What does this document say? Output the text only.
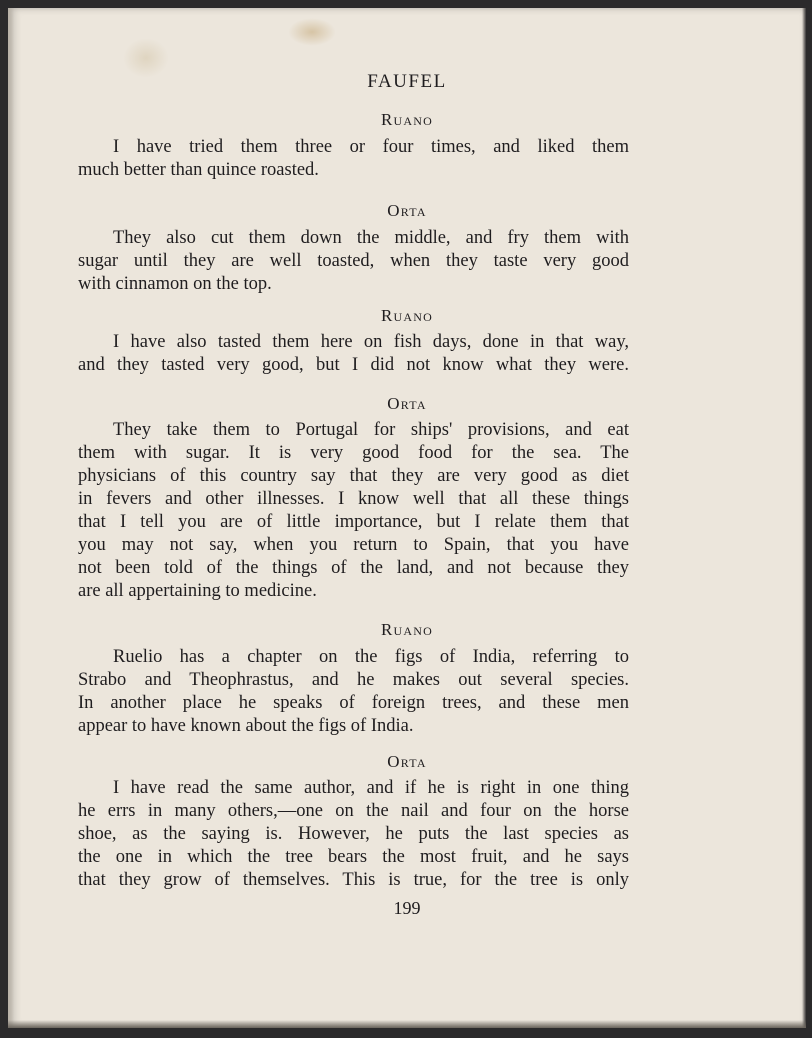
FAUFEL
Ruano
I have tried them three or four times, and liked them
much better than quince roasted.
Orta
They also cut them down the middle, and fry them with
sugar until they are well toasted, when they taste very good
with cinnamon on the top.
Ruano
I have also tasted them here on fish days, done in that way,
and they tasted very good, but I did not know what they were.
Orta
They take them to Portugal for ships' provisions, and eat
them with sugar. It is very good food for the sea. The
physicians of this country say that they are very good as diet
in fevers and other illnesses. I know well that all these things
that I tell you are of little importance, but I relate them that
you may not say, when you return to Spain, that you have
not been told of the things of the land, and not because they
are all appertaining to medicine.
Ruano
Ruelio has a chapter on the figs of India, referring to
Strabo and Theophrastus, and he makes out several species.
In another place he speaks of foreign trees, and these men
appear to have known about the figs of India.
Orta
I have read the same author, and if he is right in one thing
he errs in many others,—one on the nail and four on the horse
shoe, as the saying is. However, he puts the last species as
the one in which the tree bears the most fruit, and he says
that they grow of themselves. This is true, for the tree is only
199
